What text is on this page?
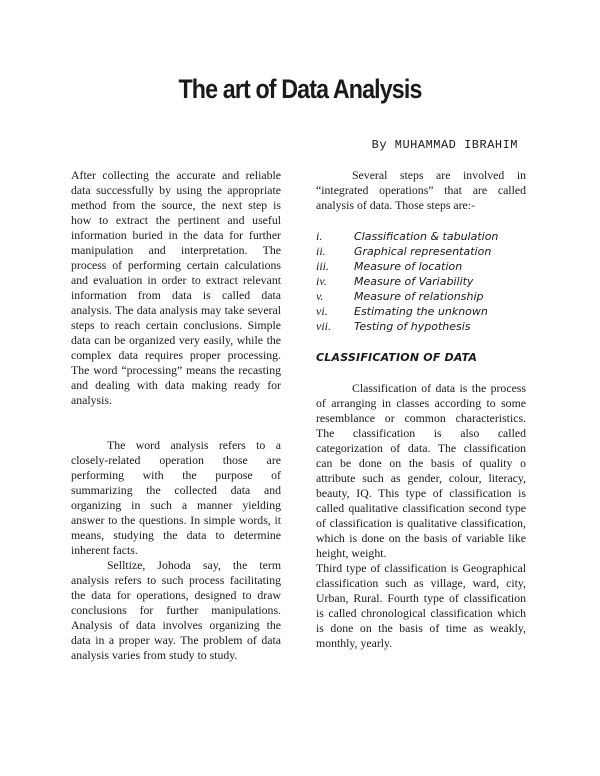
The art of Data Analysis
By MUHAMMAD IBRAHIM

After collecting the accurate and reliable data successfully by using the appropriate method from the source, the next step is how to extract the pertinent and useful information buried in the data for further manipulation and interpretation. The process of performing certain calculations and evaluation in order to extract relevant information from data is called data analysis. The data analysis may take several steps to reach certain conclusions. Simple data can be organized very easily, while the complex data requires proper processing. The word “processing” means the recasting and dealing with data making ready for analysis.

The word analysis refers to a closely-related operation those are performing with the purpose of summarizing the collected data and organizing in such a manner yielding answer to the questions. In simple words, it means, studying the data to determine inherent facts.

Selltize, Johoda say, the term analysis refers to such process facilitating the data for operations, designed to draw conclusions for further manipulations. Analysis of data involves organizing the data in a proper way. The problem of data analysis varies from study to study.

Several steps are involved in “integrated operations” that are called analysis of data. Those steps are:-

i.	Classification & tabulation
ii.	Graphical representation
iii.	Measure of location
iv.	Measure of Variability
v.	Measure of relationship
vi.	Estimating the unknown
vii.	Testing of hypothesis
CLASSIFICATION OF DATA

Classification of data is the process of arranging in classes according to some resemblance or common characteristics. The classification is also called categorization of data. The classification can be done on the basis of quality o attribute such as gender, colour, literacy, beauty, IQ. This type of classification is called qualitative classification second type of classification is qualitative classification, which is done on the basis of variable like height, weight.

Third type of classification is Geographical classification such as village, ward, city, Urban, Rural. Fourth type of classification is called chronological classification which is done on the basis of time as weakly, monthly, yearly.
